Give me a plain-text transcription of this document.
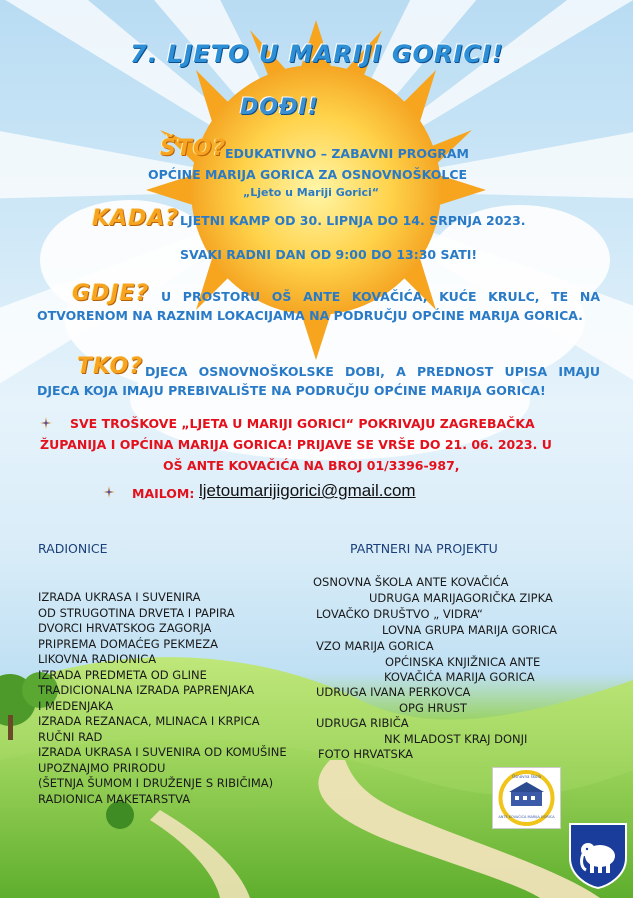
7. LJETO U MARIJI GORICI!
DOĐI!
ŠTO?
EDUKATIVNO – ZABAVNI PROGRAM
OPĆINE MARIJA GORICA ZA OSNOVNOŠKOLCE
„Ljeto u Mariji Gorici“
KADA? LJETNI KAMP OD 30. LIPNJA DO 14. SRPNJA 2023.
SVAKI RADNI DAN OD 9:00 DO 13:30 SATI!
GDJE? U PROSTORU OŠ ANTE KOVAČIĆA, KUĆE KRULC, TE NA OTVORENOM NA RAZNIM LOKACIJAMA NA PODRUČJU OPĆINE MARIJA GORICA.
TKO? DJECA OSNOVNOŠKOLSKE DOBI, A PREDNOST UPISA IMAJU DJECA KOJA IMAJU PREBIVALIŠTE NA PODRUČJU OPĆINE MARIJA GORICA!
SVE TROŠKOVE „LJETA U MARIJI GORICI“ POKRIVAJU ZAGREBAČKA
ŽUPANIJA I OPĆINA MARIJA GORICA! PRIJAVE SE VRŠE DO 21. 06. 2023. U
OŠ ANTE KOVAČIĆA NA BROJ 01/3396-987,
MAILOM: ljetoumarijigorici@gmail.com
RADIONICE
IZRADA UKRASA I SUVENIRA
OD STRUGOTINA DRVETA I PAPIRA
DVORCI HRVATSKOG ZAGORJA
PRIPREMA DOMAĆEG PEKMEZA
LIKOVNA RADIONICA
IZRADA PREDMETA OD GLINE
TRADICIONALNA IZRADA PAPRENJAKA
I MEDENJAKA
IZRADA REZANACA, MLINACA I KRPICA
RUČNI RAD
IZRADA UKRASA I SUVENIRA OD KOMUŠINE
UPOZNAJMO PRIRODU
(ŠETNJA ŠUMOM I DRUŽENJE S RIBIČIMA)
RADIONICA MAKETARSTVA
PARTNERI NA PROJEKTU
OSNOVNA ŠKOLA ANTE KOVAČIĆA
UDRUGA MARIJAGORIČKA ZIPKA
LOVAČKO DRUŠTVO „ VIDRA“
LOVNA GRUPA MARIJA GORICA
VZO MARIJA GORICA
OPĆINSKA KNJIŽNICA ANTE
KOVAČIĆA MARIJA GORICA
UDRUGA IVANA PERKOVCA
OPG HRUST
UDRUGA RIBIČA
NK MLADOST KRAJ DONJI
FOTO HRVATSKA
Osnovna škola
ANTE KOVAČIĆA MARIJA GORICA
